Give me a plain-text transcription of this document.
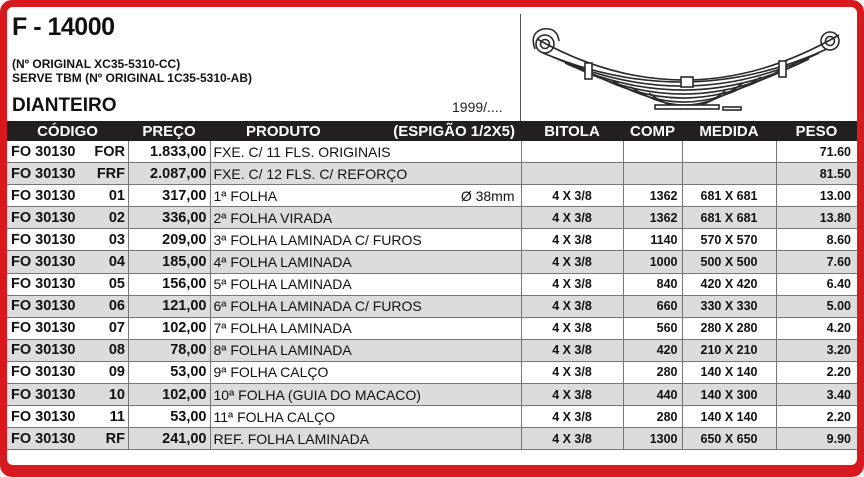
F - 14000
(Nº ORIGINAL XC35-5310-CC)
SERVE TBM (Nº ORIGINAL 1C35-5310-AB)
DIANTEIRO	1999/....
CÓDIGO	PREÇO	PRODUTO (ESPIGÃO 1/2X5)	BITOLA	COMP	MEDIDA	PESO
FO 30130 FOR	1.833,00	FXE. C/ 11 FLS. ORIGINAIS				71.60
FO 30130 FRF	2.087,00	FXE. C/ 12 FLS. C/ REFORÇO				81.50
FO 30130 01	317,00	1ª FOLHA Ø 38mm	4 X 3/8	1362	681 X 681	13.00
FO 30130 02	336,00	2ª FOLHA VIRADA	4 X 3/8	1362	681 X 681	13.80
FO 30130 03	209,00	3ª FOLHA LAMINADA C/ FUROS	4 X 3/8	1140	570 X 570	8.60
FO 30130 04	185,00	4ª FOLHA LAMINADA	4 X 3/8	1000	500 X 500	7.60
FO 30130 05	156,00	5ª FOLHA LAMINADA	4 X 3/8	840	420 X 420	6.40
FO 30130 06	121,00	6ª FOLHA LAMINADA C/ FUROS	4 X 3/8	660	330 X 330	5.00
FO 30130 07	102,00	7ª FOLHA LAMINADA	4 X 3/8	560	280 X 280	4.20
FO 30130 08	78,00	8ª FOLHA LAMINADA	4 X 3/8	420	210 X 210	3.20
FO 30130 09	53,00	9ª FOLHA CALÇO	4 X 3/8	280	140 X 140	2.20
FO 30130 10	102,00	10ª FOLHA (GUIA DO MACACO)	4 X 3/8	440	140 X 300	3.40
FO 30130 11	53,00	11ª FOLHA CALÇO	4 X 3/8	280	140 X 140	2.20
FO 30130 RF	241,00	REF. FOLHA LAMINADA	4 X 3/8	1300	650 X 650	9.90
